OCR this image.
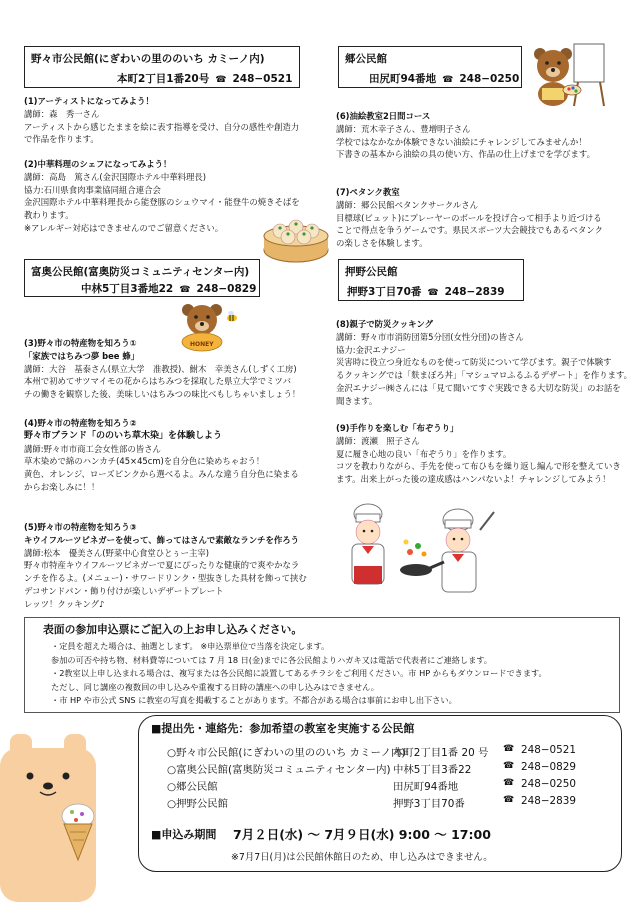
野々市公民館(にぎわいの里ののいち カミーノ内)
本町2丁目1番20号 ☎ 248−0521
郷公民館
田尻町94番地 ☎ 248−0250
(1)アーティストになってみよう！
講師：森　秀一さん
アーティストから感じたままを絵に表す指導を受け、自分の感性や創造力
で作品を作ります。
(2)中華料理のシェフになってみよう！
講師：高島　篤さん(金沢国際ホテル中華料理長)
協力:石川県食肉事業協同組合連合会
金沢国際ホテル中華料理長から能登豚のシュウマイ・能登牛の焼きそばを
教わります。
※アレルギー対応はできませんのでご留意ください。
富奥公民館(富奥防災コミュニティセンター内)
中林5丁目3番地22 ☎ 248−0829
HONEY
(3)野々市の特産物を知ろう①
「家族ではちみつ夢 bee 蜂」
講師：大谷　基泰さん(県立大学　准教授)、鮒木　幸美さん(しずく工房)
本州で初めてサツマイモの花からはちみつを採取した県立大学でミツバ
チの働きを観察した後、美味しいはちみつの味比べもしちゃいましょう！
(4)野々市の特産物を知ろう②
野々市ブランド「ののいち草木染」を体験しよう
講師:野々市市商工会女性部の皆さん
草木染めで綿のハンカチ(45×45cm)を自分色に染めちゃおう！
黄色、オレンジ、ローズピンクから選べるよ。みんな違う自分色に染まる
からお楽しみに！！
(5)野々市の特産物を知ろう③
キウイフルーツビネガーを使って、飾ってはさんで素敵なランチを作ろう
講師:松本　優美さん(野菜中心食堂ひとぅー主宰)
野々市特産キウイフルーツビネガーで夏にぴったりな健康的で爽やかなラ
ンチを作るよ。(メニュー)・サワードリンク・型抜きした具材を飾って挟む
デコサンドパン・飾り付けが楽しいデザートプレート
レッツ！クッキング♪
(6)油絵教室2日間コース
講師：荒木幸子さん、豊増明子さん
学校ではなかなか体験できない油絵にチャレンジしてみませんか！
下書きの基本から油絵の具の使い方、作品の仕上げまでを学びます。
(7)ペタンク教室
講師：郷公民館ペタンクサークルさん
目標球(ビュット)にプレーヤーのボールを投げ合って相手より近づける
ことで得点を争うゲームです。県民スポーツ大会競技でもあるペタンク
の楽しさを体験します。
押野公民館
押野3丁目70番 ☎ 248−2839
(8)親子で防災クッキング
講師：野々市市消防団第5分団(女性分団)の皆さん
協力:金沢エナジー
災害時に役立つ身近なものを使って防災について学びます。親子で体験す
るクッキングでは「麩まぼろ丼」「マシュマロふるふるデザート」を作ります。
金沢エナジー㈱さんには「見て聞いてすぐ実践できる大切な防災」のお話を
聞きます。
(9)手作りを楽しむ「布ぞうり」
講師：渡瀬　照子さん
夏に履き心地の良い「布ぞうり」を作ります。
コツを教わりながら、手先を使って布ひもを繰り返し編んで形を整えていき
ます。出来上がった後の達成感はハンパないよ！チャレンジしてみよう！
表面の参加申込票にご記入の上お申し込みください。
・定員を超えた場合は、抽選とします。 ※申込票単位で当落を決定します。
参加の可否や持ち物、材料費等については 7 月 18 日(金)までに各公民館よりハガキ又は電話で代表者にご連絡します。
・2教室以上申し込まれる場合は、複写または各公民館に設置してあるチラシをご利用ください。市 HP からもダウンロードできます。
ただし、同じ講座の複数回の申し込みや重複する日時の講座への申し込みはできません。
・市 HP や市公式 SNS に教室の写真を掲載することがあります。不都合がある場合は事前にお申し出下さい。
■提出先・連絡先：参加希望の教室を実施する公民館
○野々市公民館(にぎわいの里ののいち カミーノ内)
本町2丁目1番 20 号 ☎ 248−0521
○富奥公民館(富奥防災コミュニティセンター内) 中林5丁目3番22	☎ 248−0829
○郷公民館	田尻町94番地	☎ 248−0250
○押野公民館	押野3丁目70番	☎ 248−2839
■申込み期間 7月２日(水) ～ 7月９日(水) 9:00 ～ 17:00
※7月7日(月)は公民館休館日のため、申し込みはできません。
